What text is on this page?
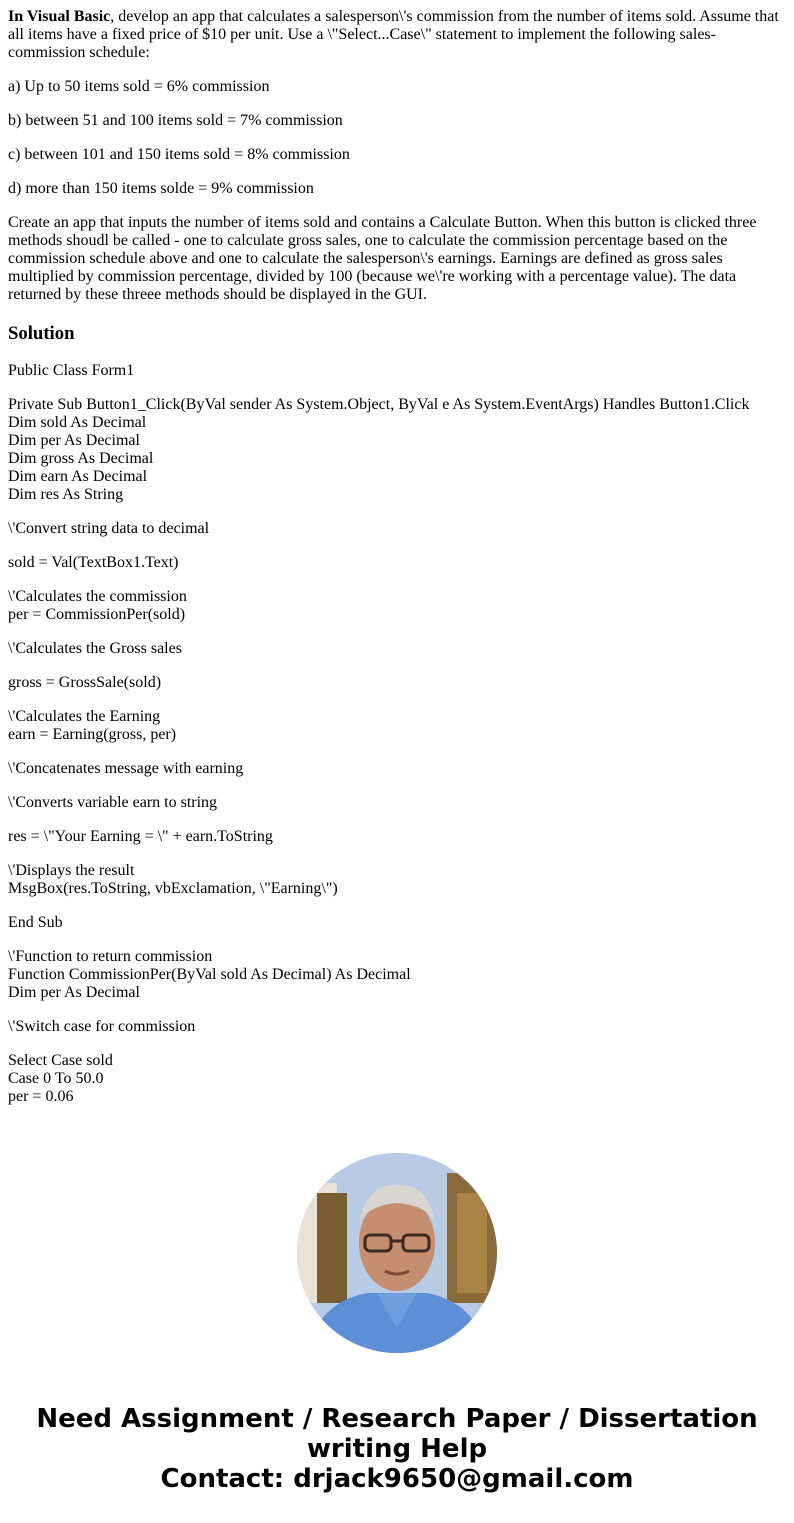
In Visual Basic, develop an app that calculates a salesperson\'s commission from the number of items sold. Assume that all items have a fixed price of $10 per unit. Use a \"Select...Case\" statement to implement the following sales-commission schedule:

a) Up to 50 items sold = 6% commission

b) between 51 and 100 items sold = 7% commission

c) between 101 and 150 items sold = 8% commission

d) more than 150 items solde = 9% commission

Create an app that inputs the number of items sold and contains a Calculate Button. When this button is clicked three methods shoudl be called - one to calculate gross sales, one to calculate the commission percentage based on the commission schedule above and one to calculate the salesperson\'s earnings. Earnings are defined as gross sales multiplied by commission percentage, divided by 100 (because we\'re working with a percentage value). The data returned by these threee methods should be displayed in the GUI.

Solution

Public Class Form1

Private Sub Button1_Click(ByVal sender As System.Object, ByVal e As System.EventArgs) Handles Button1.Click
Dim sold As Decimal
Dim per As Decimal
Dim gross As Decimal
Dim earn As Decimal
Dim res As String

\'Convert string data to decimal

sold = Val(TextBox1.Text)

\'Calculates the commission
per = CommissionPer(sold)

\'Calculates the Gross sales

gross = GrossSale(sold)

\'Calculates the Earning
earn = Earning(gross, per)

\'Concatenates message with earning

\'Converts variable earn to string

res = \"Your Earning = \" + earn.ToString

\'Displays the result
MsgBox(res.ToString, vbExclamation, \"Earning\")

End Sub

\'Function to return commission
Function CommissionPer(ByVal sold As Decimal) As Decimal
Dim per As Decimal

\'Switch case for commission

Select Case sold
Case 0 To 50.0
per = 0.06

Need Assignment / Research Paper / Dissertation
writing Help
Contact: drjack9650@gmail.com
